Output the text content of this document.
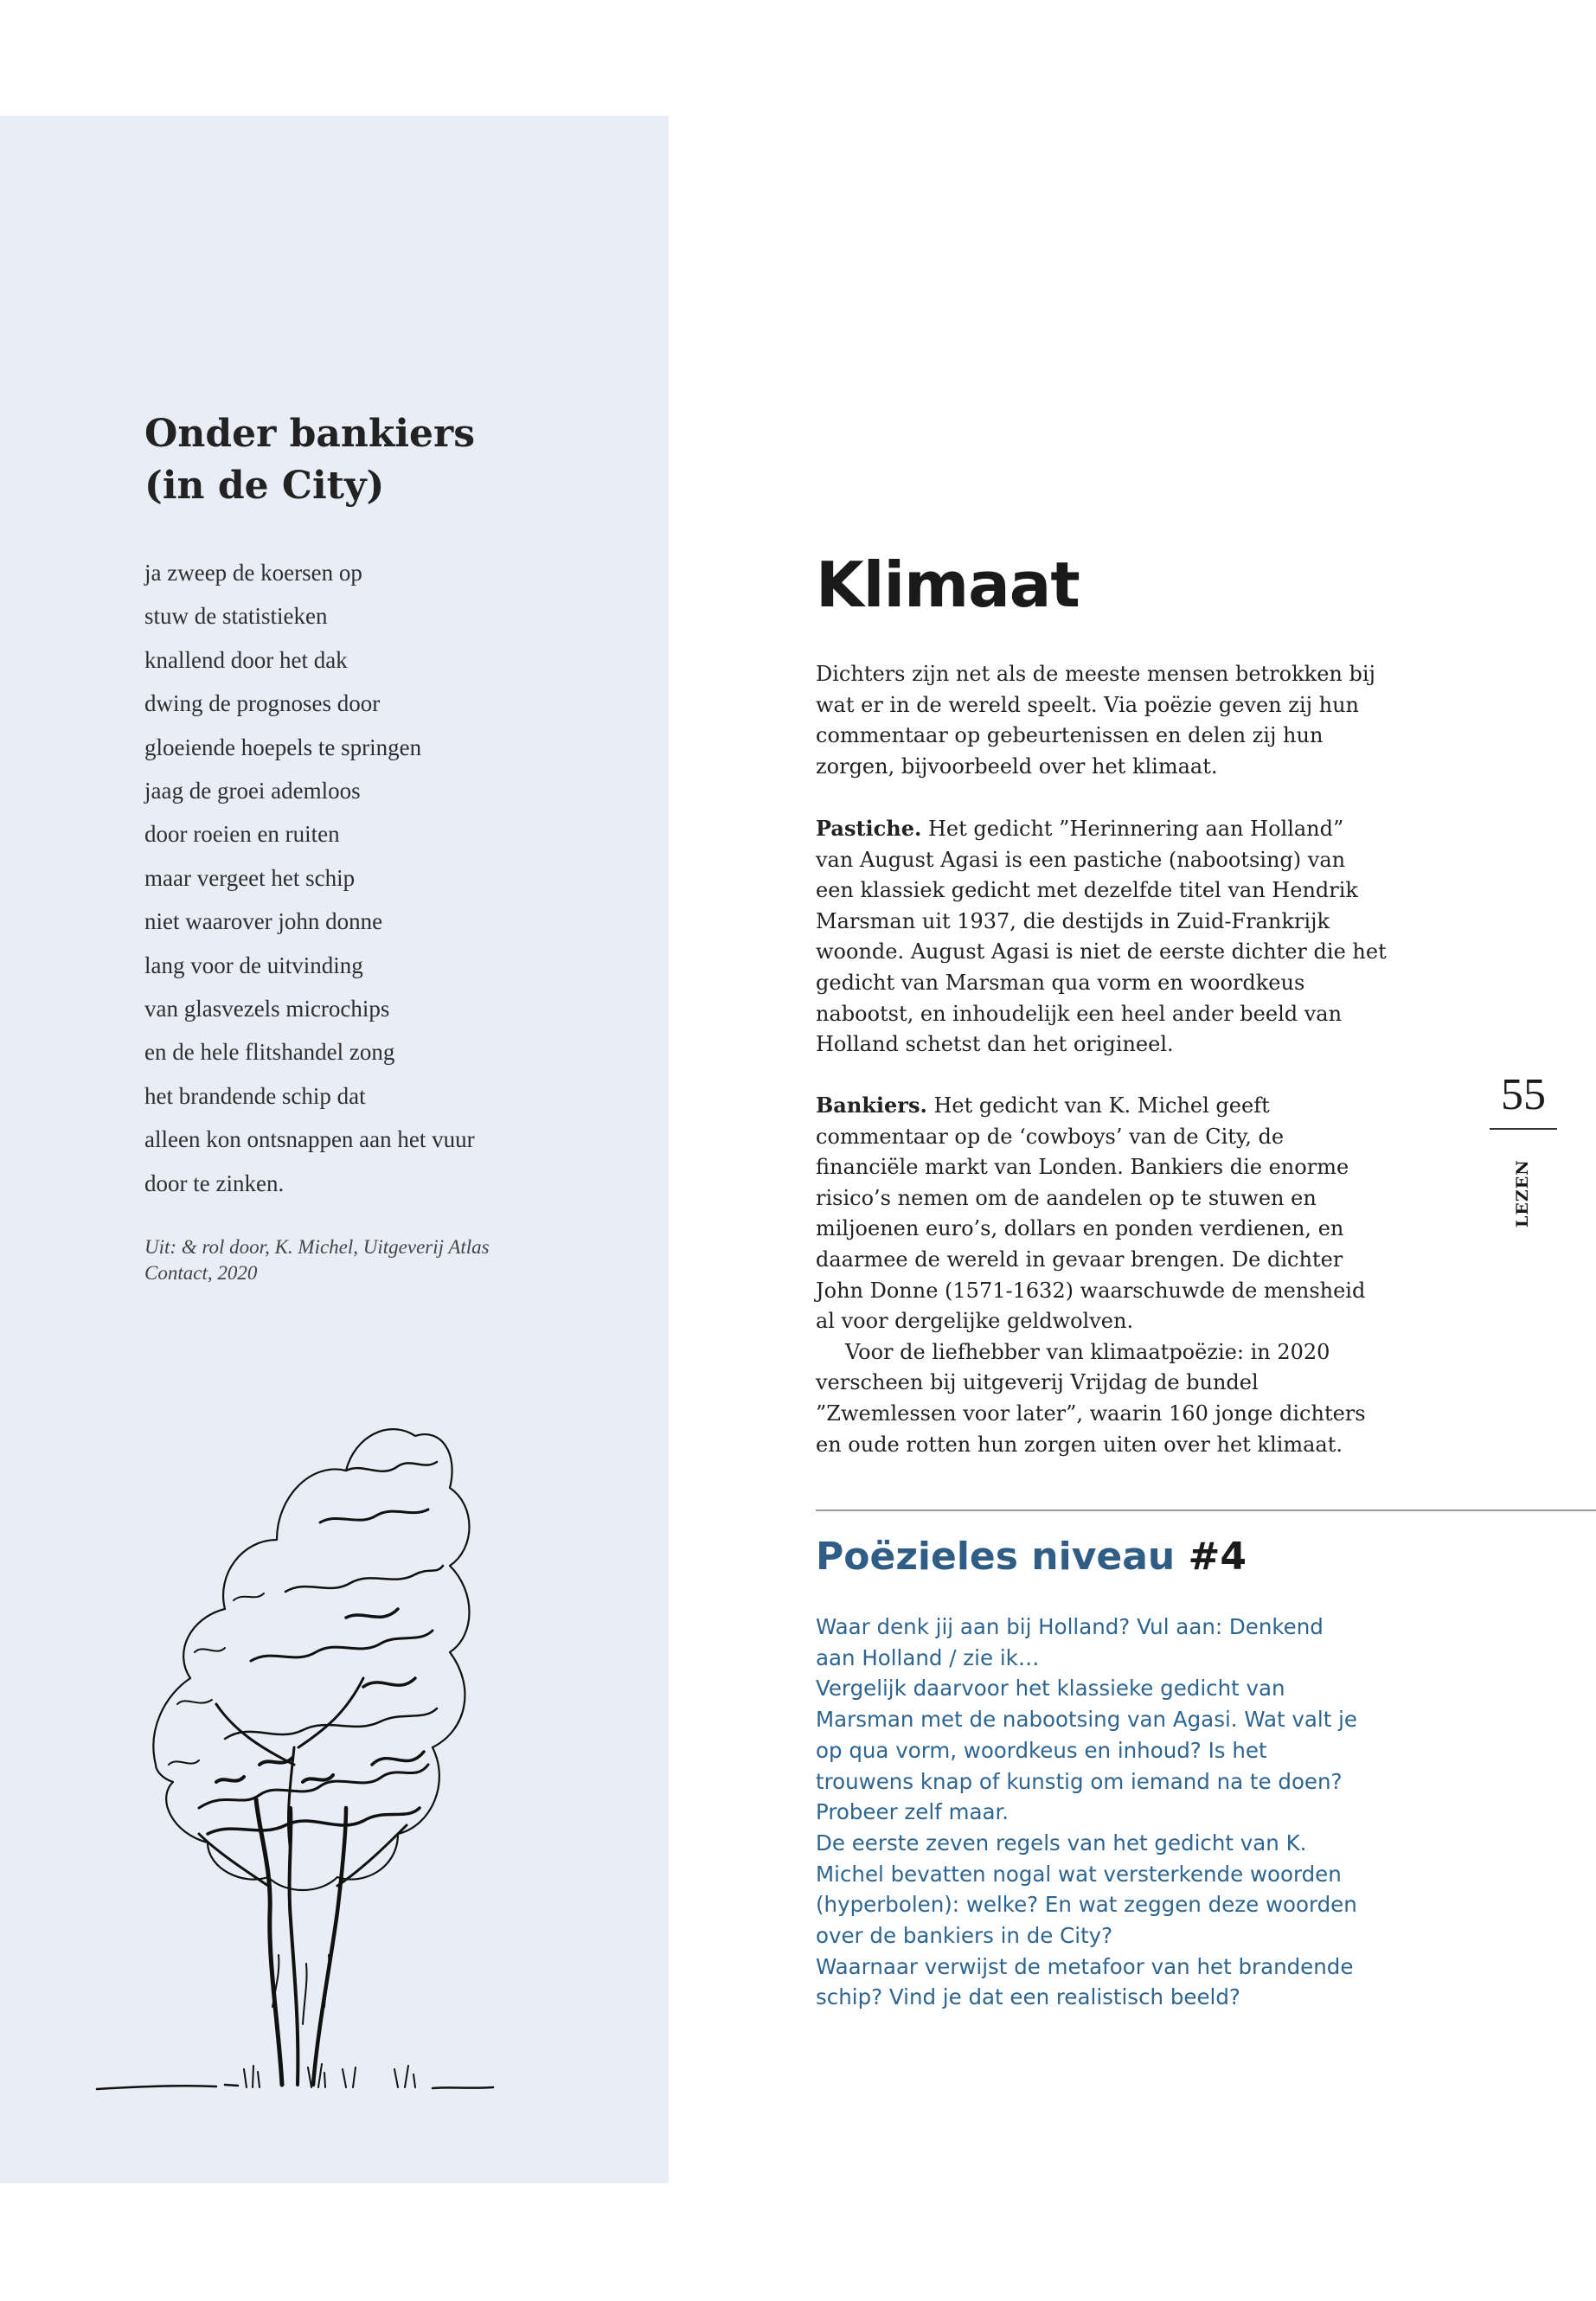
Onder bankiers
(in de City)
ja zweep de koersen op
stuw de statistieken
knallend door het dak
dwing de prognoses door
gloeiende hoepels te springen
jaag de groei ademloos
door roeien en ruiten
maar vergeet het schip
niet waarover john donne
lang voor de uitvinding
van glasvezels microchips
en de hele flitshandel zong
het brandende schip dat
alleen kon ontsnappen aan het vuur
door te zinken.
Uit: & rol door, K. Michel, Uitgeverij Atlas Contact, 2020
Klimaat

Dichters zijn net als de meeste mensen betrokken bij wat er in de wereld speelt. Via poëzie geven zij hun commentaar op gebeurtenissen en delen zij hun zorgen, bijvoorbeeld over het klimaat.

Pastiche. Het gedicht ”Herinnering aan Holland” van August Agasi is een pastiche (nabootsing) van een klassiek gedicht met dezelfde titel van Hendrik Marsman uit 1937, die destijds in Zuid-Frankrijk woonde. August Agasi is niet de eerste dichter die het gedicht van Marsman qua vorm en woordkeus nabootst, en inhoudelijk een heel ander beeld van Holland schetst dan het origineel.

Bankiers. Het gedicht van K. Michel geeft commentaar op de ‘cowboys’ van de City, de financiële markt van Londen. Bankiers die enorme risico’s nemen om de aandelen op te stuwen en miljoenen euro’s, dollars en ponden verdienen, en daarmee de wereld in gevaar brengen. De dichter John Donne (1571-1632) waarschuwde de mensheid al voor dergelijke geldwolven.
Voor de liefhebber van klimaatpoëzie: in 2020 verscheen bij uitgeverij Vrijdag de bundel ”Zwemlessen voor later”, waarin 160 jonge dichters en oude rotten hun zorgen uiten over het klimaat.

55
LEZEN
Poëzieles niveau #4

Waar denk jij aan bij Holland? Vul aan: Denkend aan Holland / zie ik…

Vergelijk daarvoor het klassieke gedicht van Marsman met de nabootsing van Agasi. Wat valt je op qua vorm, woordkeus en inhoud? Is het trouwens knap of kunstig om iemand na te doen? Probeer zelf maar.

De eerste zeven regels van het gedicht van K. Michel bevatten nogal wat versterkende woorden (hyperbolen): welke? En wat zeggen deze woorden over de bankiers in de City?

Waarnaar verwijst de metafoor van het brandende schip? Vind je dat een realistisch beeld?
